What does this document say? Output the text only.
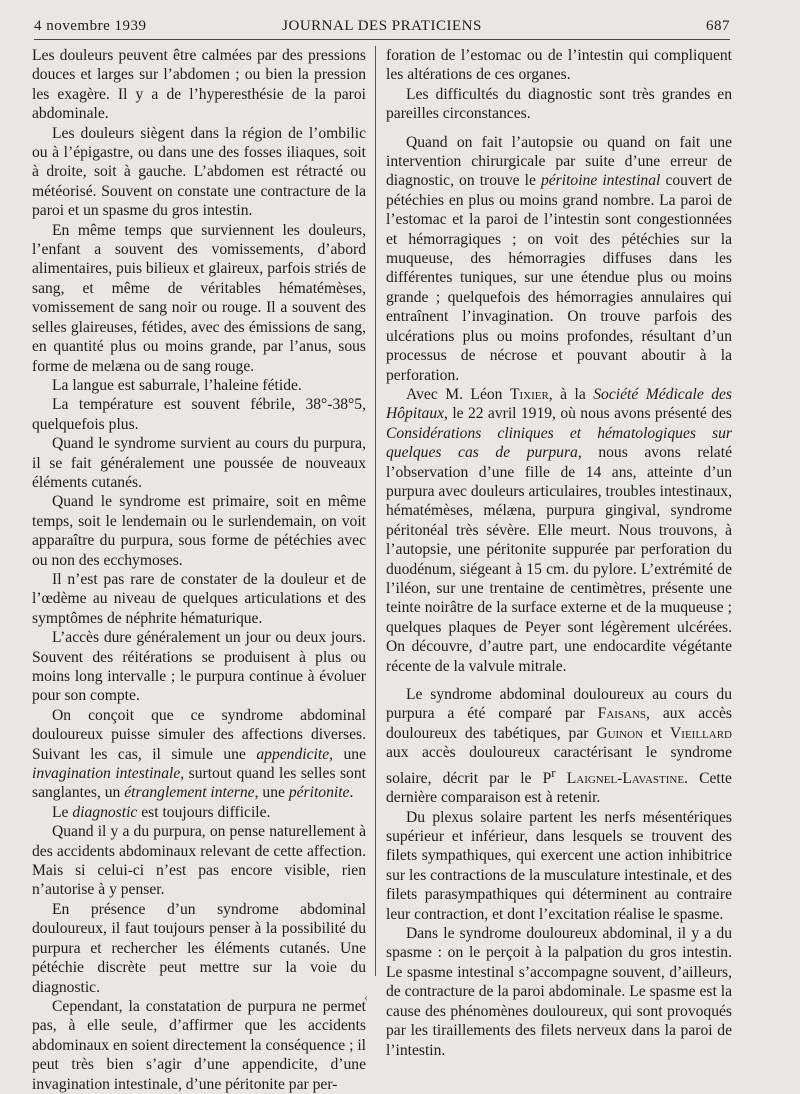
4 novembre 1939	JOURNAL DES PRATICIENS	687

Les douleurs peuvent être calmées par des pressions douces et larges sur l’abdomen ; ou bien la pression les exagère. Il y a de l’hyperesthésie de la paroi abdominale.

Les douleurs siègent dans la région de l’ombilic ou à l’épigastre, ou dans une des fosses iliaques, soit à droite, soit à gauche. L’abdomen est rétracté ou météorisé. Souvent on constate une contracture de la paroi et un spasme du gros intestin.

En même temps que surviennent les douleurs, l’enfant a souvent des vomissements, d’abord alimentaires, puis bilieux et glaireux, parfois striés de sang, et même de véritables hématémèses, vomissement de sang noir ou rouge. Il a souvent des selles glaireuses, fétides, avec des émissions de sang, en quantité plus ou moins grande, par l’anus, sous forme de melæna ou de sang rouge.

La langue est saburrale, l’haleine fétide.

La température est souvent fébrile, 38°-38°5, quelquefois plus.

Quand le syndrome survient au cours du purpura, il se fait généralement une poussée de nouveaux éléments cutanés.

Quand le syndrome est primaire, soit en même temps, soit le lendemain ou le surlendemain, on voit apparaître du purpura, sous forme de pétéchies avec ou non des ecchymoses.

Il n’est pas rare de constater de la douleur et de l’œdème au niveau de quelques articulations et des symptômes de néphrite hématurique.

L’accès dure généralement un jour ou deux jours. Souvent des réitérations se produisent à plus ou moins long intervalle ; le purpura continue à évoluer pour son compte.

On conçoit que ce syndrome abdominal douloureux puisse simuler des affections diverses. Suivant les cas, il simule une appendicite, une invagination intestinale, surtout quand les selles sont sanglantes, un étranglement interne, une péritonite.

Le diagnostic est toujours difficile.

Quand il y a du purpura, on pense naturellement à des accidents abdominaux relevant de cette affection. Mais si celui-ci n’est pas encore visible, rien n’autorise à y penser.

En présence d’un syndrome abdominal douloureux, il faut toujours penser à la possibilité du purpura et rechercher les éléments cutanés. Une pétéchie discrète peut mettre sur la voie du diagnostic.

Cependant, la constatation de purpura ne permet pas, à elle seule, d’affirmer que les accidents abdominaux en soient directement la conséquence ; il peut très bien s’agir d’une appendicite, d’une invagination intestinale, d’une péritonite par per-

foration de l’estomac ou de l’intestin qui compliquent les altérations de ces organes.

Les difficultés du diagnostic sont très grandes en pareilles circonstances.

Quand on fait l’autopsie ou quand on fait une intervention chirurgicale par suite d’une erreur de diagnostic, on trouve le péritoine intestinal couvert de pétéchies en plus ou moins grand nombre. La paroi de l’estomac et la paroi de l’intestin sont congestionnées et hémorragiques ; on voit des pétéchies sur la muqueuse, des hémorragies diffuses dans les différentes tuniques, sur une étendue plus ou moins grande ; quelquefois des hémorragies annulaires qui entraînent l’invagination. On trouve parfois des ulcérations plus ou moins profondes, résultant d’un processus de nécrose et pouvant aboutir à la perforation.

Avec M. Léon Tixier, à la Société Médicale des Hôpitaux, le 22 avril 1919, où nous avons présenté des Considérations cliniques et hématologiques sur quelques cas de purpura, nous avons relaté l’observation d’une fille de 14 ans, atteinte d’un purpura avec douleurs articulaires, troubles intestinaux, hématémèses, mélæna, purpura gingival, syndrome péritonéal très sévère. Elle meurt. Nous trouvons, à l’autopsie, une péritonite suppurée par perforation du duodénum, siégeant à 15 cm. du pylore. L’extrémité de l’iléon, sur une trentaine de centimètres, présente une teinte noirâtre de la surface externe et de la muqueuse ; quelques plaques de Peyer sont légèrement ulcérées. On découvre, d’autre part, une endocardite végétante récente de la valvule mitrale.

Le syndrome abdominal douloureux au cours du purpura a été comparé par Faisans, aux accès douloureux des tabétiques, par Guinon et Vieillard aux accès douloureux caractérisant le syndrome solaire, décrit par le $P^r$ Laignel-Lavastine. Cette dernière comparaison est à retenir.

Du plexus solaire partent les nerfs mésentériques supérieur et inférieur, dans lesquels se trouvent des filets sympathiques, qui exercent une action inhibitrice sur les contractions de la musculature intestinale, et des filets parasympathiques qui déterminent au contraire leur contraction, et dont l’excitation réalise le spasme.

Dans le syndrome douloureux abdominal, il y a du spasme : on le perçoit à la palpation du gros intestin. Le spasme intestinal s’accompagne souvent, d’ailleurs, de contracture de la paroi abdominale. Le spasme est la cause des phénomènes douloureux, qui sont provoqués par les tiraillements des filets nerveux dans la paroi de l’intestin.

‹
